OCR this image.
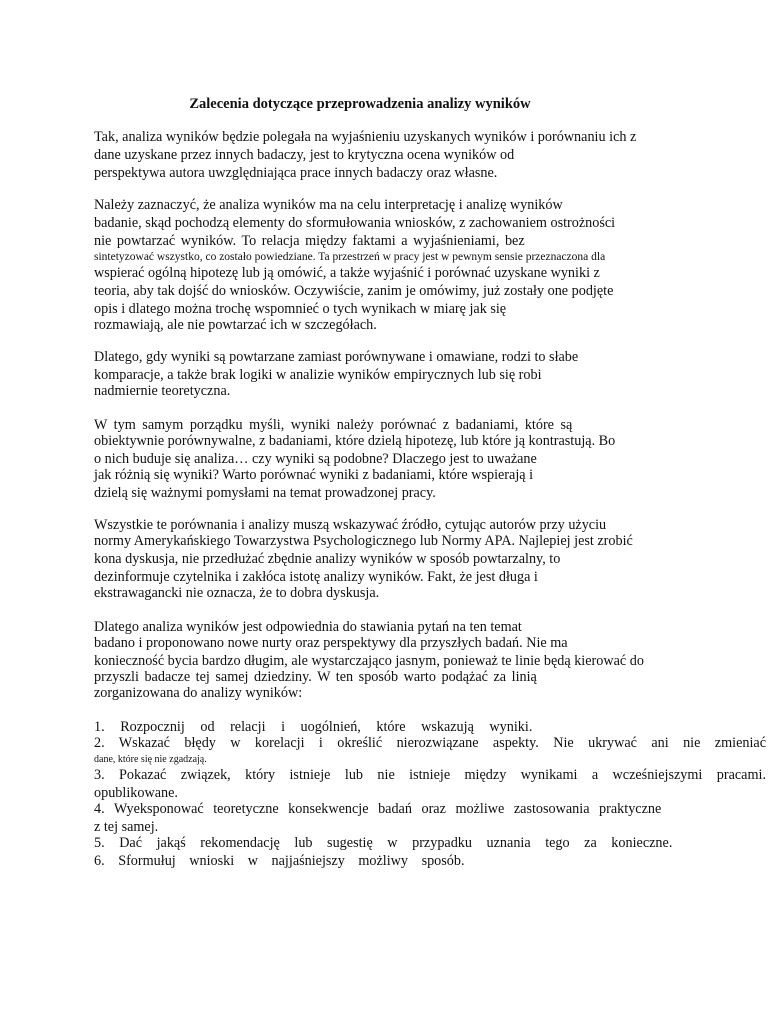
Zalecenia dotyczące przeprowadzenia analizy wyników
Tak, analiza wyników będzie polegała na wyjaśnieniu uzyskanych wyników i porównaniu ich z
dane uzyskane przez innych badaczy, jest to krytyczna ocena wyników od
perspektywa autora uwzględniająca prace innych badaczy oraz własne.
Należy zaznaczyć, że analiza wyników ma na celu interpretację i analizę wyników
badanie, skąd pochodzą elementy do sformułowania wniosków, z zachowaniem ostrożności
nie powtarzać wyników. To relacja między faktami a wyjaśnieniami, bez
sintetyzować wszystko, co zostało powiedziane. Ta przestrzeń w pracy jest w pewnym sensie przeznaczona dla
wspierać ogólną hipotezę lub ją omówić, a także wyjaśnić i porównać uzyskane wyniki z
teoria, aby tak dojść do wniosków. Oczywiście, zanim je omówimy, już zostały one podjęte
opis i dlatego można trochę wspomnieć o tych wynikach w miarę jak się
rozmawiają, ale nie powtarzać ich w szczegółach.
Dlatego, gdy wyniki są powtarzane zamiast porównywane i omawiane, rodzi to słabe
komparacje, a także brak logiki w analizie wyników empirycznych lub się robi
nadmiernie teoretyczna.
W tym samym porządku myśli, wyniki należy porównać z badaniami, które są
obiektywnie porównywalne, z badaniami, które dzielą hipotezę, lub które ją kontrastują. Bo
o nich buduje się analiza… czy wyniki są podobne? Dlaczego jest to uważane
jak różnią się wyniki? Warto porównać wyniki z badaniami, które wspierają i
dzielą się ważnymi pomysłami na temat prowadzonej pracy.
Wszystkie te porównania i analizy muszą wskazywać źródło, cytując autorów przy użyciu
normy Amerykańskiego Towarzystwa Psychologicznego lub Normy APA. Najlepiej jest zrobić
kona dyskusja, nie przedłużać zbędnie analizy wyników w sposób powtarzalny, to
dezinformuje czytelnika i zakłóca istotę analizy wyników. Fakt, że jest długa i
ekstrawagancki nie oznacza, że to dobra dyskusja.
Dlatego analiza wyników jest odpowiednia do stawiania pytań na ten temat
badano i proponowano nowe nurty oraz perspektywy dla przyszłych badań. Nie ma
konieczność bycia bardzo długim, ale wystarczająco jasnym, ponieważ te linie będą kierować do
przyszli badacze tej samej dziedziny. W ten sposób warto podążać za linią
zorganizowana do analizy wyników:
1. Rozpocznij od relacji i uogólnień, które wskazują wyniki.
2. Wskazać błędy w korelacji i określić nierozwiązane aspekty. Nie ukrywać ani nie zmieniać
dane, które się nie zgadzają.
3. Pokazać związek, który istnieje lub nie istnieje między wynikami a wcześniejszymi pracami.
opublikowane.
4. Wyeksponować teoretyczne konsekwencje badań oraz możliwe zastosowania praktyczne
z tej samej.
5. Dać jakąś rekomendację lub sugestię w przypadku uznania tego za konieczne.
6. Sformułuj wnioski w najjaśniejszy możliwy sposób.
